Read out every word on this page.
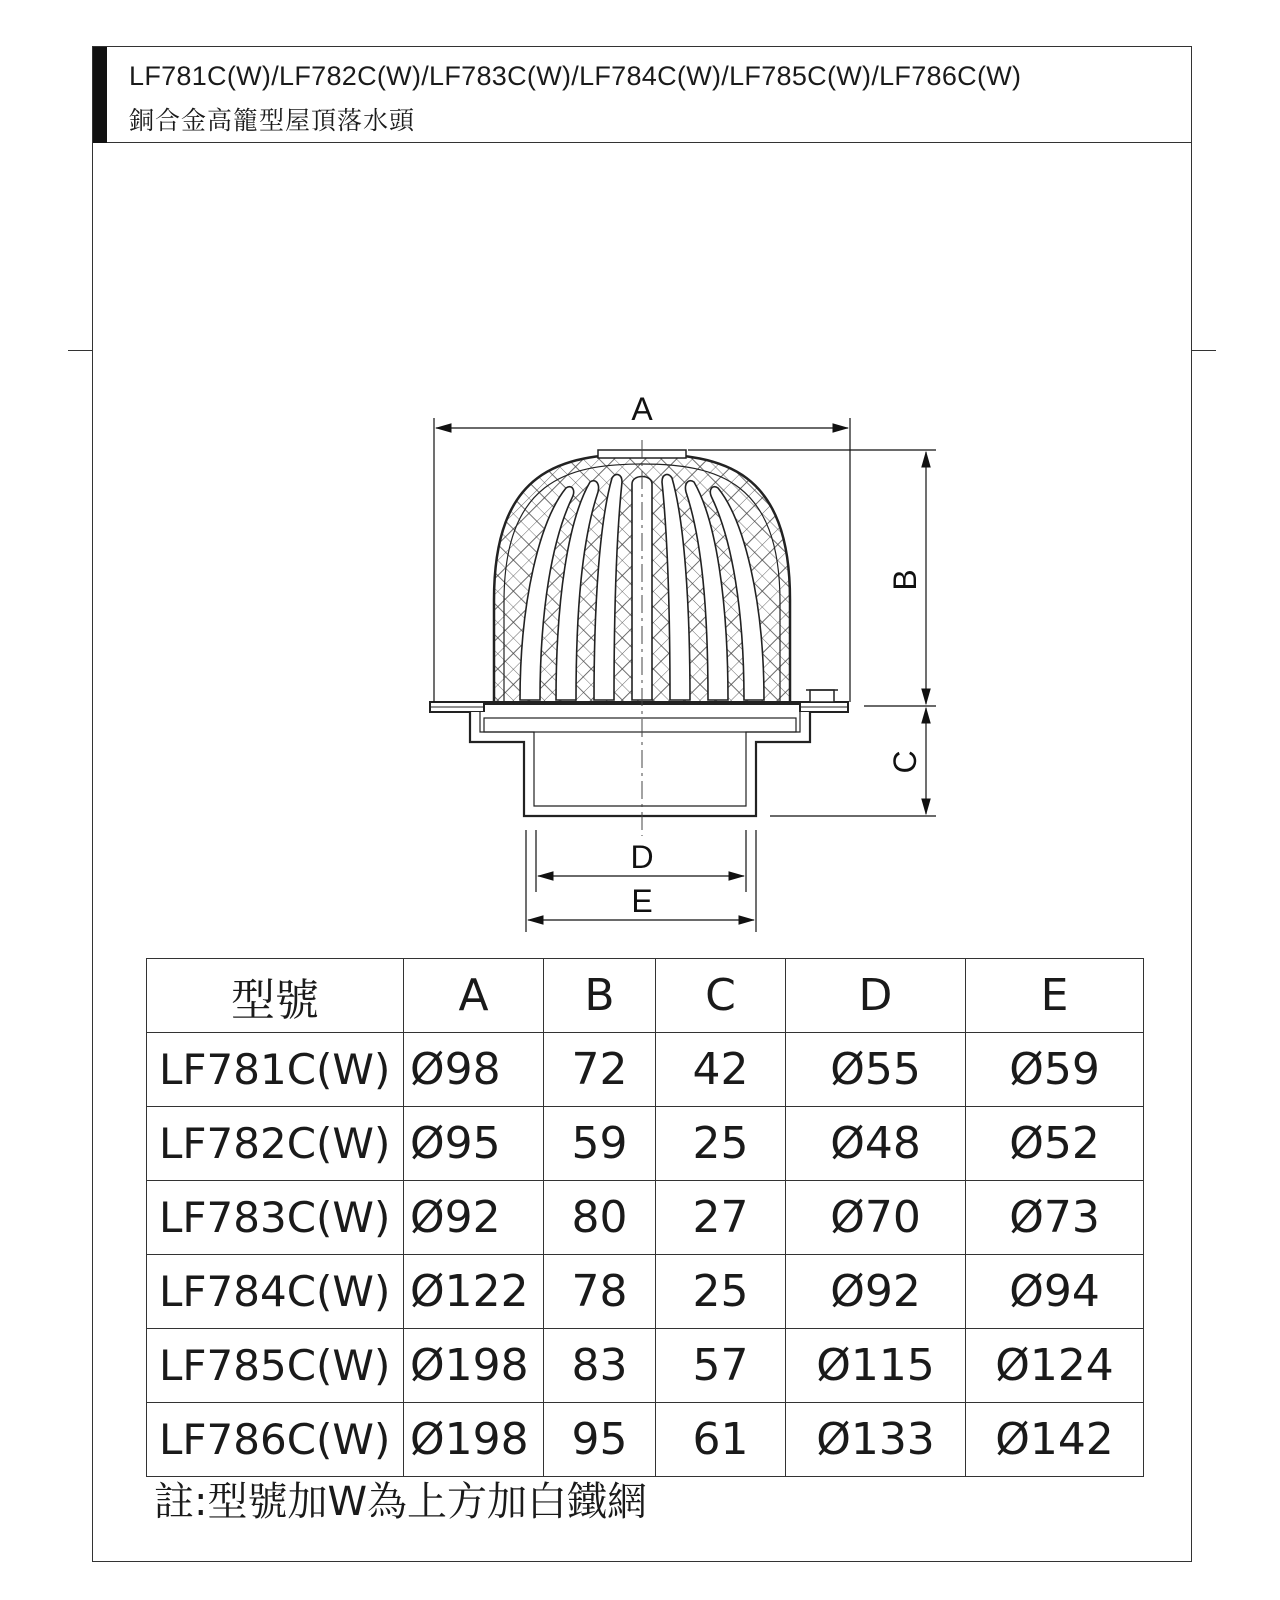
LF781C(W)/LF782C(W)/LF783C(W)/LF784C(W)/LF785C(W)/LF786C(W)
銅合金高籠型屋頂落水頭
A
B
C
D
E
型號	A	B	C	D	E
LF781C(W)	Ø98	72	42	Ø55	Ø59
LF782C(W)	Ø95	59	25	Ø48	Ø52
LF783C(W)	Ø92	80	27	Ø70	Ø73
LF784C(W)	Ø122	78	25	Ø92	Ø94
LF785C(W)	Ø198	83	57	Ø115	Ø124
LF786C(W)	Ø198	95	61	Ø133	Ø142
註:型號加W為上方加白鐵網
